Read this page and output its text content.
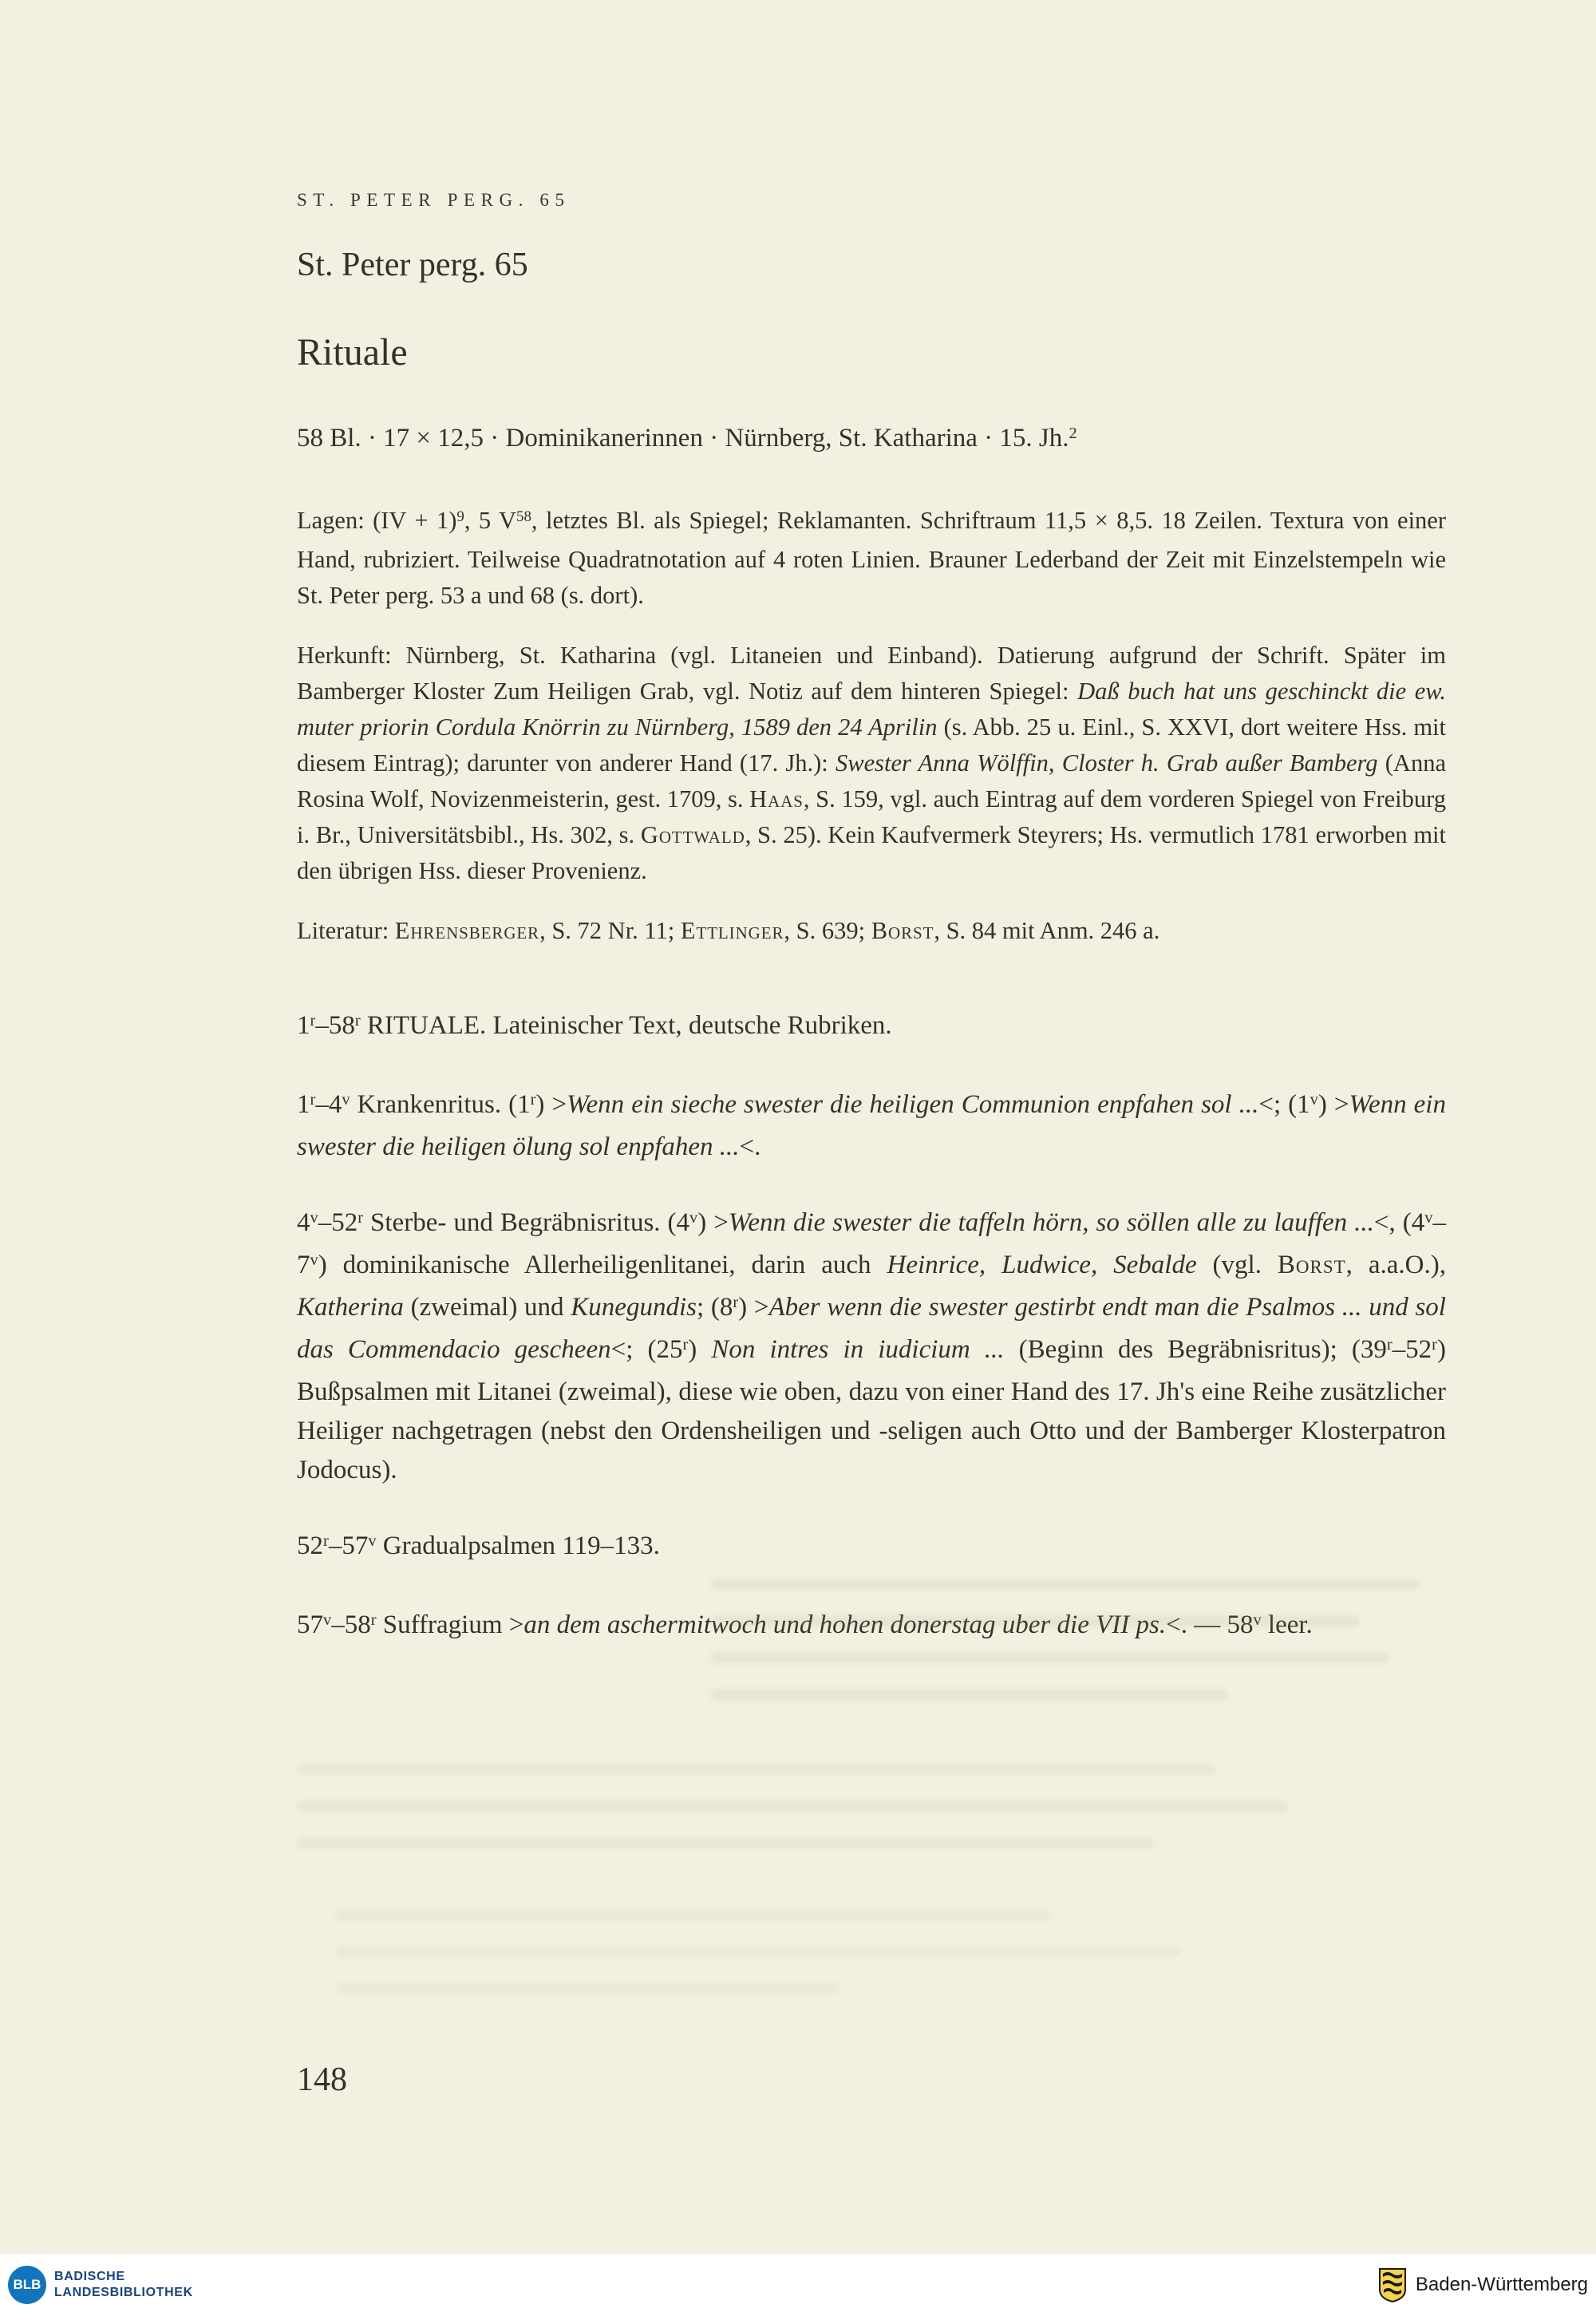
ST. PETER PERG. 65
St. Peter perg. 65
Rituale
58 Bl. · 17 × 12,5 · Dominikanerinnen · Nürnberg, St. Katharina · 15. Jh.$^2$

Lagen: (IV + 1)$^9$, 5 $V^{58}$, letztes Bl. als Spiegel; Reklamanten. Schriftraum 11,5 × 8,5. 18 Zeilen. Textura von einer Hand, rubriziert. Teilweise Quadratnotation auf 4 roten Linien. Brauner Lederband der Zeit mit Einzelstempeln wie St. Peter perg. 53 a und 68 (s. dort).

Herkunft: Nürnberg, St. Katharina (vgl. Litaneien und Einband). Datierung aufgrund der Schrift. Später im Bamberger Kloster Zum Heiligen Grab, vgl. Notiz auf dem hinteren Spiegel: Daß buch hat uns geschinckt die ew. muter priorin Cordula Knörrin zu Nürnberg, 1589 den 24 Aprilin (s. Abb. 25 u. Einl., S. XXVI, dort weitere Hss. mit diesem Eintrag); darunter von anderer Hand (17. Jh.): Swester Anna Wölffin, Closter h. Grab außer Bamberg (Anna Rosina Wolf, Novizenmeisterin, gest. 1709, s. Haas, S. 159, vgl. auch Eintrag auf dem vorderen Spiegel von Freiburg i. Br., Universitätsbibl., Hs. 302, s. Gottwald, S. 25). Kein Kaufvermerk Steyrers; Hs. vermutlich 1781 erworben mit den übrigen Hss. dieser Provenienz.

Literatur: Ehrensberger, S. 72 Nr. 11; Ettlinger, S. 639; Borst, S. 84 mit Anm. 246 a.

1$^r$–58$^r$ RITUALE. Lateinischer Text, deutsche Rubriken.

1$^r$–4$^v$ Krankenritus. $(1^r)$ >Wenn ein sieche swester die heiligen Communion enpfahen sol ...<; $(1^v)$ >Wenn ein swester die heiligen ölung sol enpfahen ...<.

4$^v$–52$^r$ Sterbe- und Begräbnisritus. $(4^v)$ >Wenn die swester die taffeln hörn, so söllen alle zu lauffen ...<, (4$^v$–7$^v$) dominikanische Allerheiligenlitanei, darin auch Heinrice, Ludwice, Sebalde (vgl. Borst, a.a.O.), Katherina (zweimal) und Kunegundis; $(8^r)$ >Aber wenn die swester gestirbt endt man die Psalmos ... und sol das Commendacio gescheen<; (25$^r$) Non intres in iudicium ... (Beginn des Begräbnisritus); (39$^r$–52$^r$) Bußpsalmen mit Litanei (zweimal), diese wie oben, dazu von einer Hand des 17. Jh's eine Reihe zusätzlicher Heiliger nachgetragen (nebst den Ordensheiligen und -seligen auch Otto und der Bamberger Klosterpatron Jodocus).

52$^r$–57$^v$ Gradualpsalmen 119–133.

57$^v$–58$^r$ Suffragium >an dem aschermitwoch und hohen donerstag uber die VII ps.<. — 58$^v$ leer.

148
BLB
BADISCHE
LANDESBIBLIOTHEK	Baden-Württemberg
